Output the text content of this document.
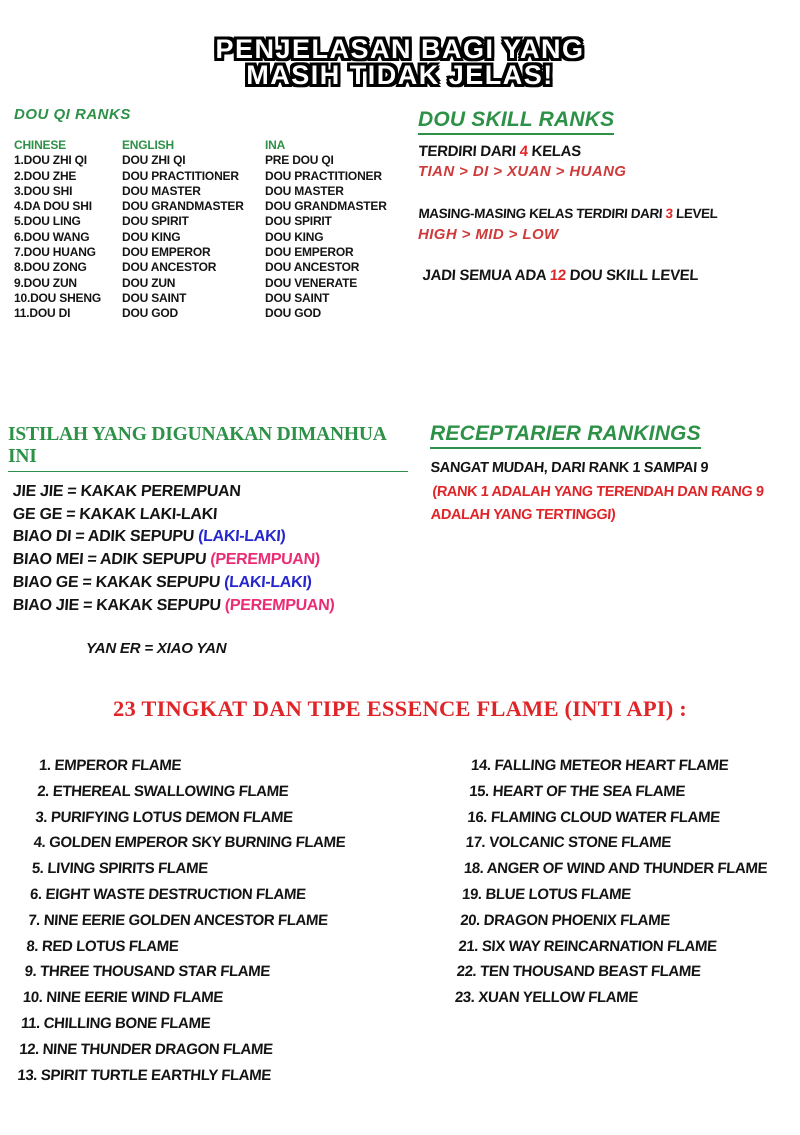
PENJELASAN BAGI YANG
MASIH TIDAK JELAS!
DOU QI RANKS
CHINESE	ENGLISH	INA
1.DOU ZHI QI	DOU ZHI QI	PRE DOU QI
2.DOU ZHE	DOU PRACTITIONER	DOU PRACTITIONER
3.DOU SHI	DOU MASTER	DOU MASTER
4.DA DOU SHI	DOU GRANDMASTER	DOU GRANDMASTER
5.DOU LING	DOU SPIRIT	DOU SPIRIT
6.DOU WANG	DOU KING	DOU KING
7.DOU HUANG	DOU EMPEROR	DOU EMPEROR
8.DOU ZONG	DOU ANCESTOR	DOU ANCESTOR
9.DOU ZUN	DOU ZUN	DOU VENERATE
10.DOU SHENG	DOU SAINT	DOU SAINT
11.DOU DI	DOU GOD	DOU GOD
DOU SKILL RANKS
TERDIRI DARI 4 KELAS
TIAN > DI > XUAN > HUANG
MASING-MASING KELAS TERDIRI DARI 3 LEVEL
HIGH > MID > LOW
JADI SEMUA ADA 12 DOU SKILL LEVEL
ISTILAH YANG DIGUNAKAN DIMANHUA INI
JIE JIE = KAKAK PEREMPUAN
GE GE = KAKAK LAKI-LAKI
BIAO DI = ADIK SEPUPU (LAKI-LAKI)
BIAO MEI = ADIK SEPUPU (PEREMPUAN)
BIAO GE = KAKAK SEPUPU (LAKI-LAKI)
BIAO JIE = KAKAK SEPUPU (PEREMPUAN)
RECEPTARIER RANKINGS
SANGAT MUDAH, DARI RANK 1 SAMPAI 9
(RANK 1 ADALAH YANG TERENDAH DAN RANG 9
ADALAH YANG TERTINGGI)
YAN ER = XIAO YAN
23 TINGKAT DAN TIPE ESSENCE FLAME (INTI API) :
1. EMPEROR FLAME
2. ETHEREAL SWALLOWING FLAME
3. PURIFYING LOTUS DEMON FLAME
4. GOLDEN EMPEROR SKY BURNING FLAME
5. LIVING SPIRITS FLAME
6. EIGHT WASTE DESTRUCTION FLAME
7. NINE EERIE GOLDEN ANCESTOR FLAME
8. RED LOTUS FLAME
9. THREE THOUSAND STAR FLAME
10. NINE EERIE WIND FLAME
11. CHILLING BONE FLAME
12. NINE THUNDER DRAGON FLAME
13. SPIRIT TURTLE EARTHLY FLAME
14. FALLING METEOR HEART FLAME
15. HEART OF THE SEA FLAME
16. FLAMING CLOUD WATER FLAME
17. VOLCANIC STONE FLAME
18. ANGER OF WIND AND THUNDER FLAME
19. BLUE LOTUS FLAME
20. DRAGON PHOENIX FLAME
21. SIX WAY REINCARNATION FLAME
22. TEN THOUSAND BEAST FLAME
23. XUAN YELLOW FLAME
